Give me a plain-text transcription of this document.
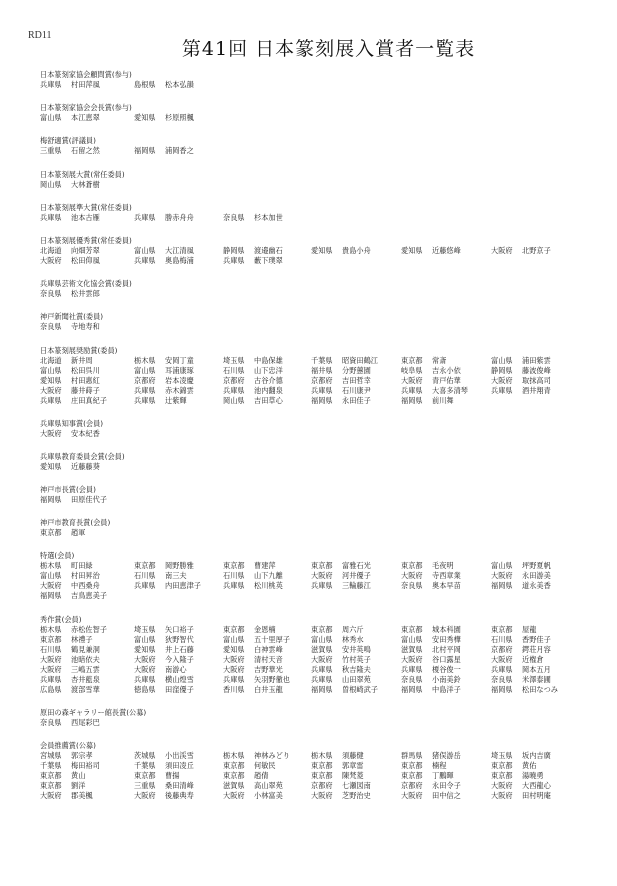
RD11
第41回 日本篆刻展入賞者一覧表
日本篆刻家協会顧問賞(参与)
兵庫県 村田萍風	島根県 松本弘韻
日本篆刻家協会会長賞(参与)
富山県 本江恵翠	愛知県 杉原照楓
梅舒適賞(評議員)
三重県 石留之然	福岡県 浦岡香之
日本篆刻展大賞(常任委員)
岡山県 大林蒼樹
日本篆刻展準大賞(常任委員)
兵庫県 池本古雁	兵庫県 勝赤舟舟	奈良県 杉本加世
日本篆刻展優秀賞(常任委員)
北海道 向畑芳翠	富山県 大江清風	静岡県 渡邉幽石	愛知県 貴島小舟	愛知県 近藤悠峰	大阪府 北野京子
大阪府 松田仰風	兵庫県 奥島梅浦	兵庫県 藪下璞翠
兵庫県芸術文化協会賞(委員)
奈良県 松井雲郎
神戸新聞社賞(委員)
奈良県 寺地寿和
日本篆刻展奨励賞(委員)
北海道 新井周	栃木県 安岡丁童	埼玉県 中島保雄	千葉県 昭資田鶴江	東京都 常斎	富山県 浦田紫雲
富山県 松田呉川	富山県 耳浦康琢	石川県 山下忠洋	福井県 分野蕙園	岐阜県 吉永小依	静岡県 藤波俊峰
愛知県 村田惠紅	京都府 岩本凌慶	京都府 古谷介德	京都府 吉田哲幸	大阪府 青戸佑華	大阪府 取抹高司
大阪府 藤井蒔子	兵庫県 赤木錦雲	兵庫県 池内翻泉	兵庫県 石川康尹	兵庫県 大喜多清琴	兵庫県 酒井翔青
兵庫県 庄田真紀子	兵庫県 辻紫輝	岡山県 吉田草心	福岡県 永田佳子	福岡県 前川舞
兵庫県知事賞(会員)
大阪府 安本紀香
兵庫県教育委員会賞(会員)
愛知県 近藤藤葵
神戸市長賞(会員)
福岡県 田原佳代子
神戸市教育長賞(会員)
東京都 趙軍
特選(会員)
栃木県 町田緑	東京都 岡野勝雅	東京都 曹建萍	東京都 富雅石光	東京都 毛夜明	富山県 坪野夏帆
富山県 村田昇治	石川県 南三夫	石川県 山下九離	大阪府 河井優子	大阪府 寺西章業	大阪府 永田游美
大阪府 中西桑舟	兵庫県 内田恵津子	兵庫県 松川桃英	兵庫県 三輪藤江	奈良県 奥本早苗	福岡県 道永美香
福岡県 吉鳥恵美子
秀作賞(会員)
栃木県 赤松佐智子	埼玉県 矢口裕子	東京都 金恩楠	東京都 周六斤	東京都 城本科園	東京都 屋龍
東京都 林禮子	富山県 狄野智代	富山県 五十里厚子	富山県 林秀水	富山県 安田秀樺	石川県 香野佳子
石川県 鶴見兼洞	愛知県 井上石藤	愛知県 白神雲峰	滋賀県 安井英鳴	滋賀県 北村平岡	京都府 鍔荘月容
大阪府 池暗依夫	大阪府 今入隆子	大阪府 清村天音	大阪府 竹村英子	大阪府 谷口露星	大阪府 近権倉
大阪府 三嶋五雲	大阪府 南游心	大阪府 吉野華光	兵庫県 秋吉隆夫	兵庫県 榎谷俊一	兵庫県 岡本五月
兵庫県 杏井藍泉	兵庫県 横山煌雪	兵庫県 矢羽野徹也	兵庫県 山田翠苑	奈良県 小南美鈴	奈良県 米澤泰圃
広島県 渡部雪華	徳島県 田窪優子	香川県 白井玉龍	福岡県 曽根崎武子	福岡県 中島洋子	福岡県 松田なつみ
原田の森ギャラリー館長賞(公募)
奈良県 西尾彩巴
会員推薦賞(公募)
宮城県 郭宗孝	茨城県 小出渓雪	栃木県 神林みどり	栃木県 須藤健	群馬県 猪俣游岳	埼玉県 坂内吉廣
千葉県 梅田裕司	千葉県 須田凌丘	東京都 何敏民	東京都 郭章雷	東京都 楠程	東京都 黄佑
東京都 黄山	東京都 曹揚	東京都 趙倩	東京都 陳梵菱	東京都 丁鵬暉	東京都 湯曉勇
東京都 劉洋	三重県 桑田清峰	滋賀県 高山翠苑	京都府 七瀬図南	京都府 永田令子	大阪府 大西龍心
大阪府 郡美楓	大阪府 後藤典寿	大阪府 小林富美	大阪府 芝野治史	大阪府 田中信之	大阪府 田村明庵
